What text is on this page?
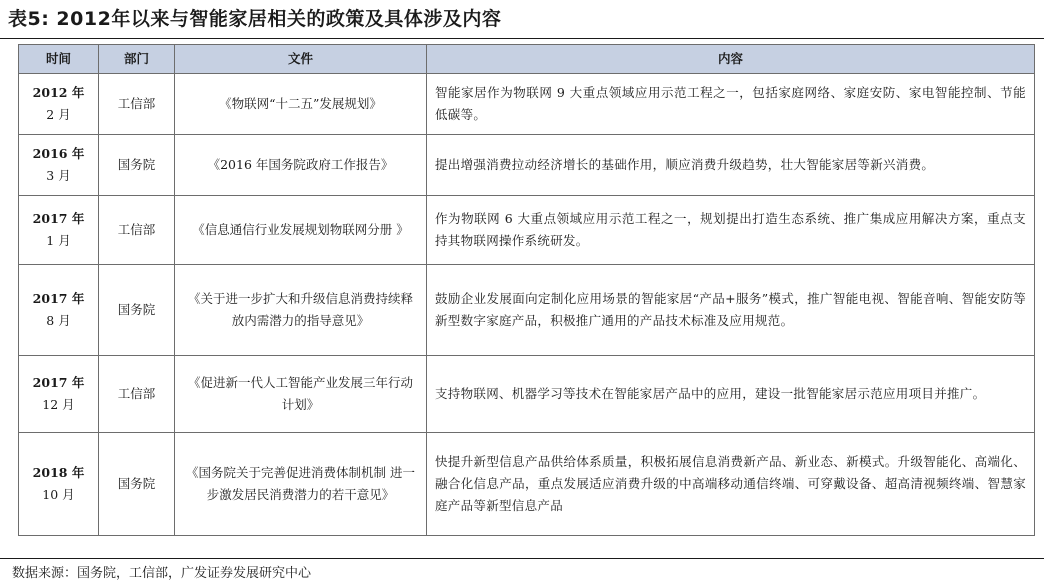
表5: 2012年以来与智能家居相关的政策及具体涉及内容
时间	部门	文件	内容

2012 年
2 月	工信部	《物联网“十二五”发展规划》	智能家居作为物联网 9 大重点领域应用示范工程之一，包括家庭网络、家庭安防、家电智能控制、节能低碳等。

2016 年
3 月	国务院	《2016 年国务院政府工作报告》	提出增强消费拉动经济增长的基础作用，顺应消费升级趋势，壮大智能家居等新兴消费。

2017 年
1 月	工信部	《信息通信行业发展规划物联网分册 》	作为物联网 6 大重点领域应用示范工程之一，规划提出打造生态系统、推广集成应用解决方案，重点支持其物联网操作系统研发。

2017 年
8 月	国务院	《关于进一步扩大和升级信息消费持续释放内需潜力的指导意见》	鼓励企业发展面向定制化应用场景的智能家居“产品+服务”模式，推广智能电视、智能音响、智能安防等新型数字家庭产品，积极推广通用的产品技术标准及应用规范。

2017 年
12 月	工信部	《促进新一代人工智能产业发展三年行动计划》	支持物联网、机器学习等技术在智能家居产品中的应用，建设一批智能家居示范应用项目并推广。

2018 年
10 月	国务院	《国务院关于完善促进消费体制机制 进一步激发居民消费潜力的若干意见》	快提升新型信息产品供给体系质量，积极拓展信息消费新产品、新业态、新模式。升级智能化、高端化、融合化信息产品，重点发展适应消费升级的中高端移动通信终端、可穿戴设备、超高清视频终端、智慧家庭产品等新型信息产品
数据来源：国务院，工信部，广发证券发展研究中心
